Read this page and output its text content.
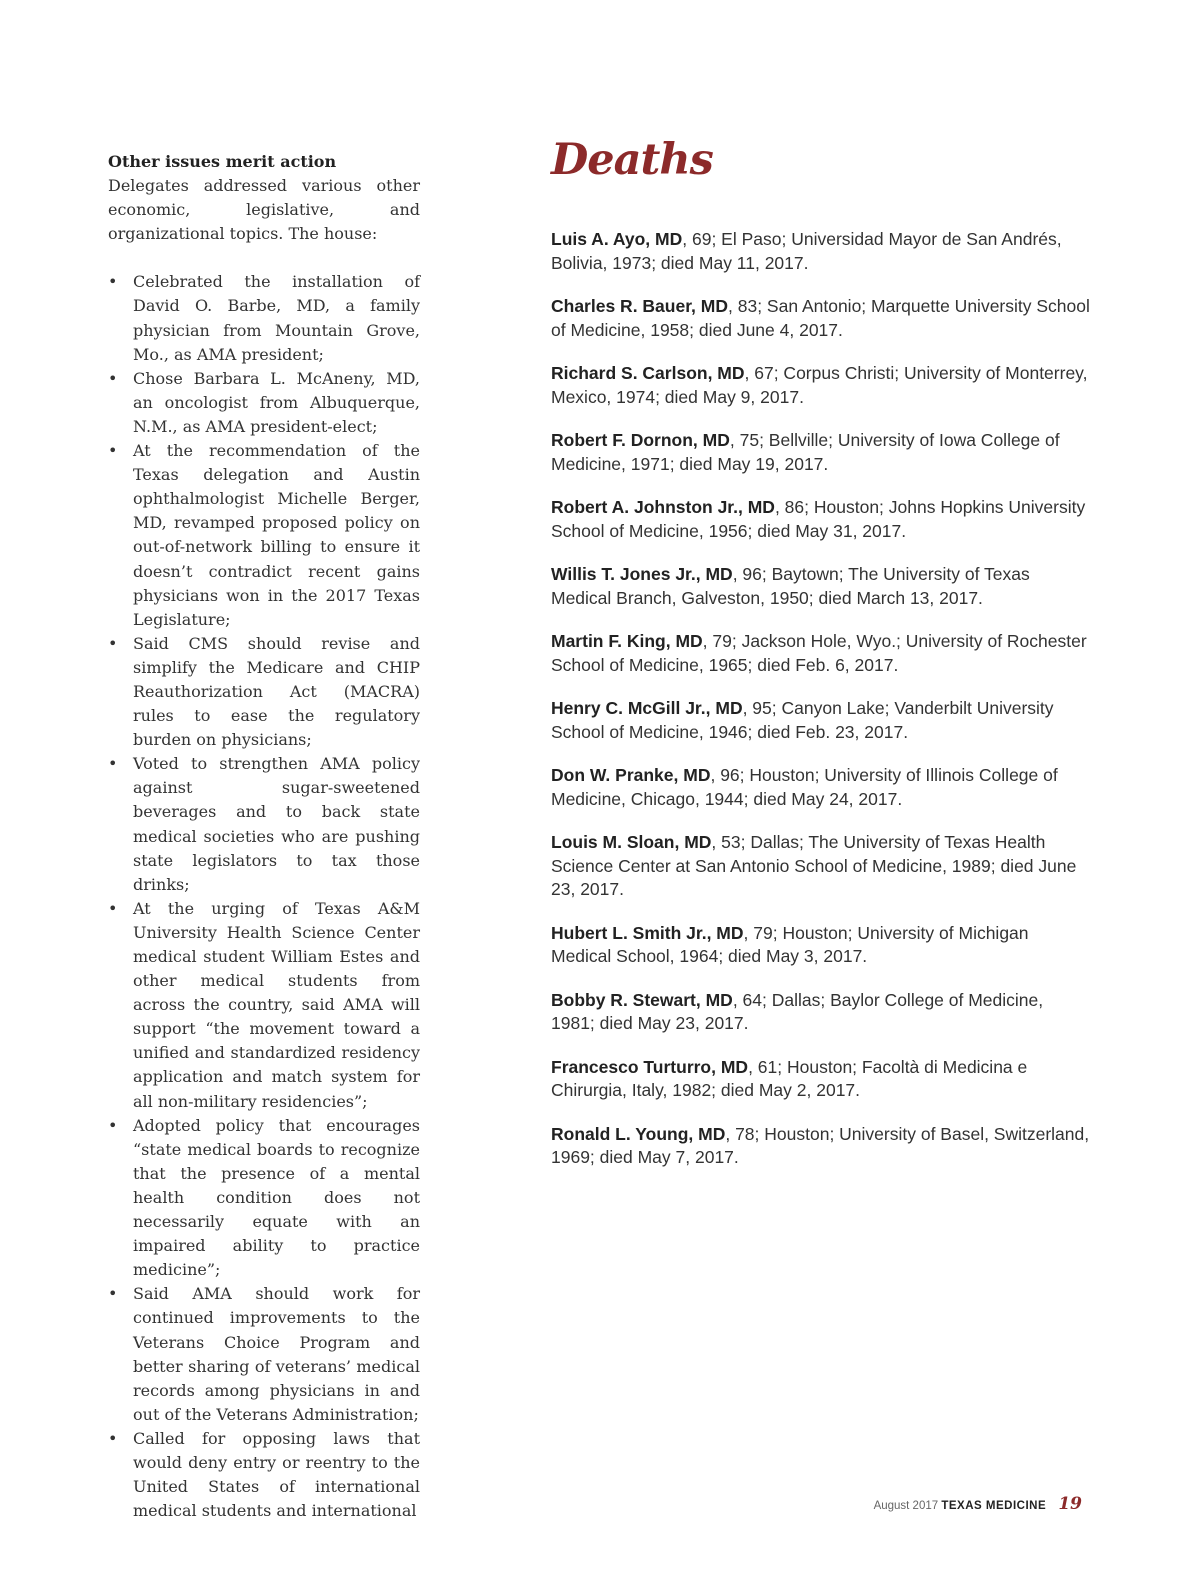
Other issues merit action

Delegates addressed various other economic, legislative, and organizational topics. The house:

• Celebrated the installation of David O. Barbe, MD, a family physician from Mountain Grove, Mo., as AMA president;
• Chose Barbara L. McAneny, MD, an oncologist from Albuquerque, N.M., as AMA president-elect;
• At the recommendation of the Texas delegation and Austin ophthalmologist Michelle Berger, MD, revamped proposed policy on out-of-network billing to ensure it doesn’t contradict recent gains physicians won in the 2017 Texas Legislature;
• Said CMS should revise and simplify the Medicare and CHIP Reauthorization Act (MACRA) rules to ease the regulatory burden on physicians;
• Voted to strengthen AMA policy against sugar-sweetened beverages and to back state medical societies who are pushing state legislators to tax those drinks;
• At the urging of Texas A&M University Health Science Center medical student William Estes and other medical students from across the country, said AMA will support “the movement toward a unified and standardized residency application and match system for all non-military residencies”;
• Adopted policy that encourages “state medical boards to recognize that the presence of a mental health condition does not necessarily equate with an impaired ability to practice medicine”;
• Said AMA should work for continued improvements to the Veterans Choice Program and better sharing of veterans’ medical records among physicians in and out of the Veterans Administration;
• Called for opposing laws that would deny entry or reentry to the United States of international medical students and international
Deaths

Luis A. Ayo, MD, 69; El Paso; Universidad Mayor de San Andrés, Bolivia, 1973; died May 11, 2017.

Charles R. Bauer, MD, 83; San Antonio; Marquette University School of Medicine, 1958; died June 4, 2017.

Richard S. Carlson, MD, 67; Corpus Christi; University of Monterrey, Mexico, 1974; died May 9, 2017.

Robert F. Dornon, MD, 75; Bellville; University of Iowa College of Medicine, 1971; died May 19, 2017.

Robert A. Johnston Jr., MD, 86; Houston; Johns Hopkins University School of Medicine, 1956; died May 31, 2017.

Willis T. Jones Jr., MD, 96; Baytown; The University of Texas Medical Branch, Galveston, 1950; died March 13, 2017.

Martin F. King, MD, 79; Jackson Hole, Wyo.; University of Rochester School of Medicine, 1965; died Feb. 6, 2017.

Henry C. McGill Jr., MD, 95; Canyon Lake; Vanderbilt University School of Medicine, 1946; died Feb. 23, 2017.

Don W. Pranke, MD, 96; Houston; University of Illinois College of Medicine, Chicago, 1944; died May 24, 2017.

Louis M. Sloan, MD, 53; Dallas; The University of Texas Health Science Center at San Antonio School of Medicine, 1989; died June 23, 2017.

Hubert L. Smith Jr., MD, 79; Houston; University of Michigan Medical School, 1964; died May 3, 2017.

Bobby R. Stewart, MD, 64; Dallas; Baylor College of Medicine, 1981; died May 23, 2017.

Francesco Turturro, MD, 61; Houston; Facoltà di Medicina e Chirurgia, Italy, 1982; died May 2, 2017.

Ronald L. Young, MD, 78; Houston; University of Basel, Switzerland, 1969; died May 7, 2017.

August 2017 TEXAS MEDICINE 19
